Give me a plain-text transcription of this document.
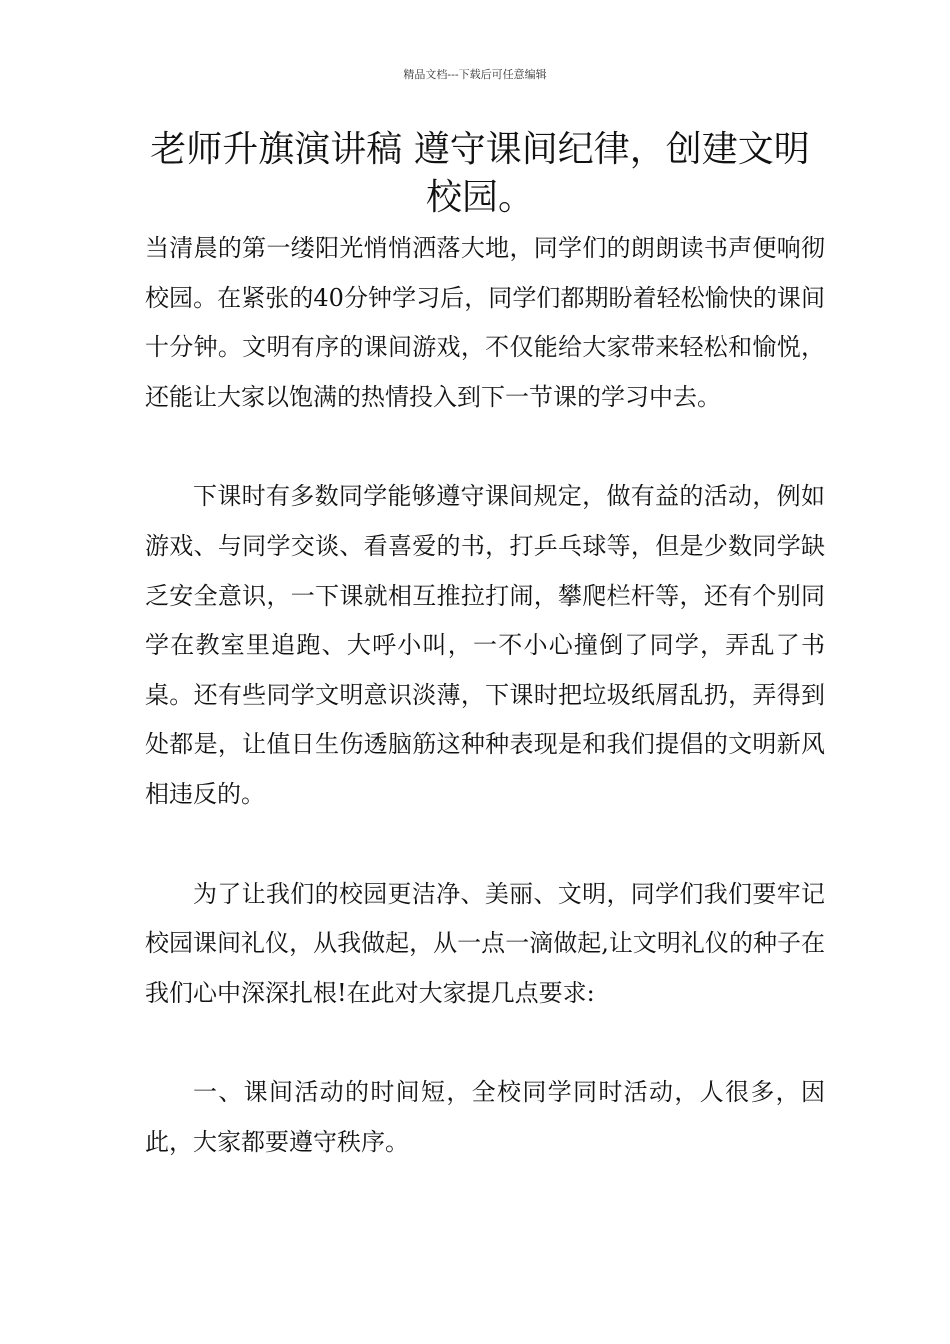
精品文档---下载后可任意编辑
老师升旗演讲稿 遵守课间纪律，创建文明校园。

当清晨的第一缕阳光悄悄洒落大地，同学们的朗朗读书声便响彻校园。在紧张的40分钟学习后，同学们都期盼着轻松愉快的课间十分钟。文明有序的课间游戏，不仅能给大家带来轻松和愉悦，还能让大家以饱满的热情投入到下一节课的学习中去。

下课时有多数同学能够遵守课间规定，做有益的活动，例如游戏、与同学交谈、看喜爱的书，打乒乓球等，但是少数同学缺乏安全意识，一下课就相互推拉打闹，攀爬栏杆等，还有个别同学在教室里追跑、大呼小叫，一不小心撞倒了同学，弄乱了书桌。还有些同学文明意识淡薄，下课时把垃圾纸屑乱扔，弄得到处都是，让值日生伤透脑筋这种种表现是和我们提倡的文明新风相违反的。

为了让我们的校园更洁净、美丽、文明，同学们我们要牢记校园课间礼仪，从我做起，从一点一滴做起,让文明礼仪的种子在我们心中深深扎根!在此对大家提几点要求:

一、课间活动的时间短，全校同学同时活动，人很多，因此，大家都要遵守秩序。
